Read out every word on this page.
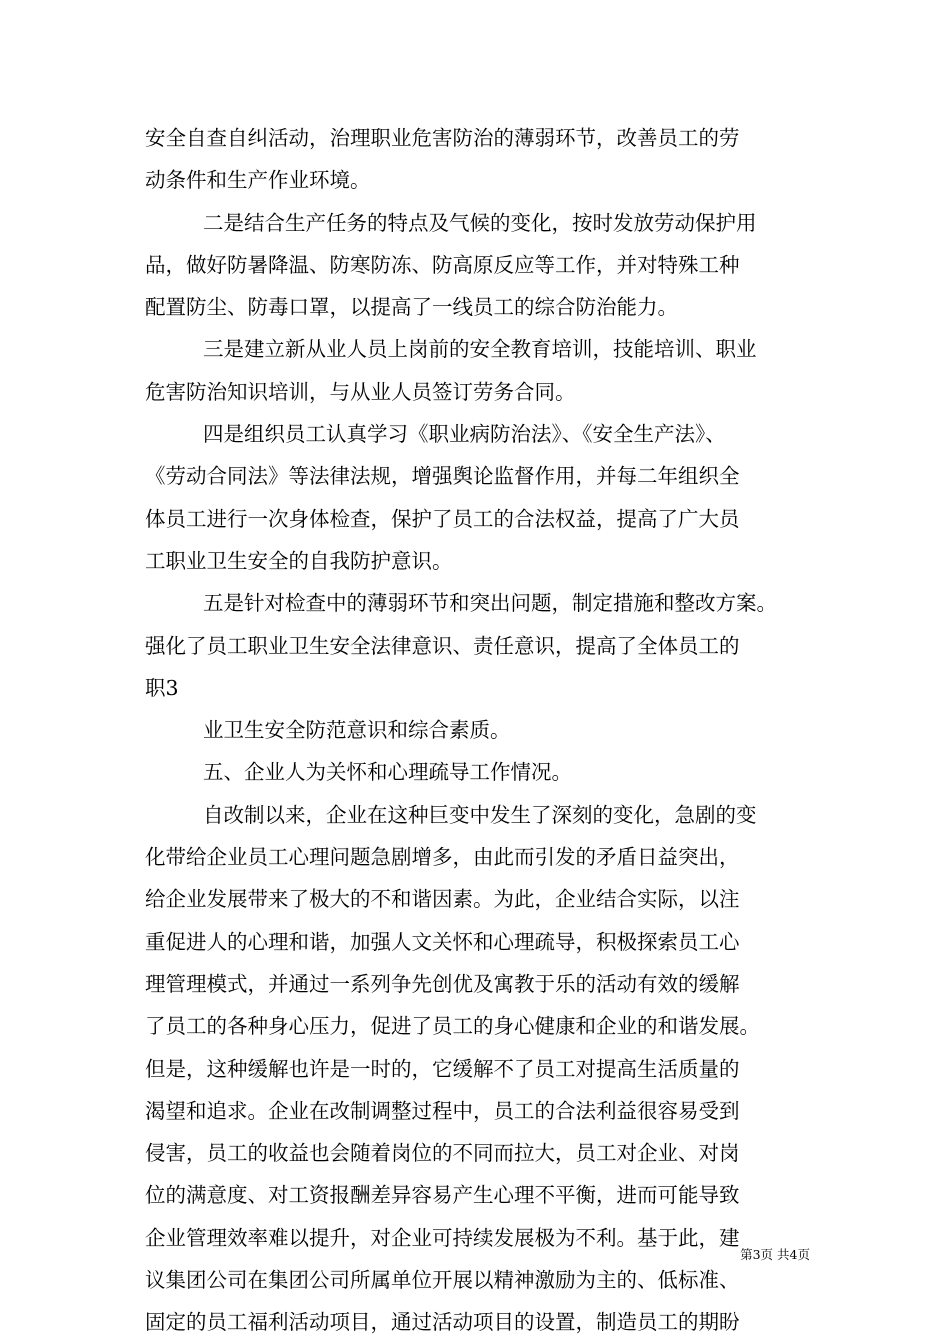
安全自查自纠活动，治理职业危害防治的薄弱环节，改善员工的劳
动条件和生产作业环境。
二是结合生产任务的特点及气候的变化，按时发放劳动保护用
品，做好防暑降温、防寒防冻、防高原反应等工作，并对特殊工种
配置防尘、防毒口罩，以提高了一线员工的综合防治能力。
三是建立新从业人员上岗前的安全教育培训，技能培训、职业
危害防治知识培训，与从业人员签订劳务合同。
四是组织员工认真学习《职业病防治法》、《安全生产法》、
《劳动合同法》等法律法规，增强舆论监督作用，并每二年组织全
体员工进行一次身体检查，保护了员工的合法权益，提高了广大员
工职业卫生安全的自我防护意识。
五是针对检查中的薄弱环节和突出问题，制定措施和整改方案。
强化了员工职业卫生安全法律意识、责任意识，提高了全体员工的
职3
业卫生安全防范意识和综合素质。
五、企业人为关怀和心理疏导工作情况。
自改制以来，企业在这种巨变中发生了深刻的变化，急剧的变
化带给企业员工心理问题急剧增多，由此而引发的矛盾日益突出，
给企业发展带来了极大的不和谐因素。为此，企业结合实际，以注
重促进人的心理和谐，加强人文关怀和心理疏导，积极探索员工心
理管理模式，并通过一系列争先创优及寓教于乐的活动有效的缓解
了员工的各种身心压力，促进了员工的身心健康和企业的和谐发展。
但是，这种缓解也许是一时的，它缓解不了员工对提高生活质量的
渴望和追求。企业在改制调整过程中，员工的合法利益很容易受到
侵害，员工的收益也会随着岗位的不同而拉大，员工对企业、对岗
位的满意度、对工资报酬差异容易产生心理不平衡，进而可能导致
企业管理效率难以提升，对企业可持续发展极为不利。基于此，建
议集团公司在集团公司所属单位开展以精神激励为主的、低标准、
固定的员工福利活动项目，通过活动项目的设置，制造员工的期盼
第3页 共4页
